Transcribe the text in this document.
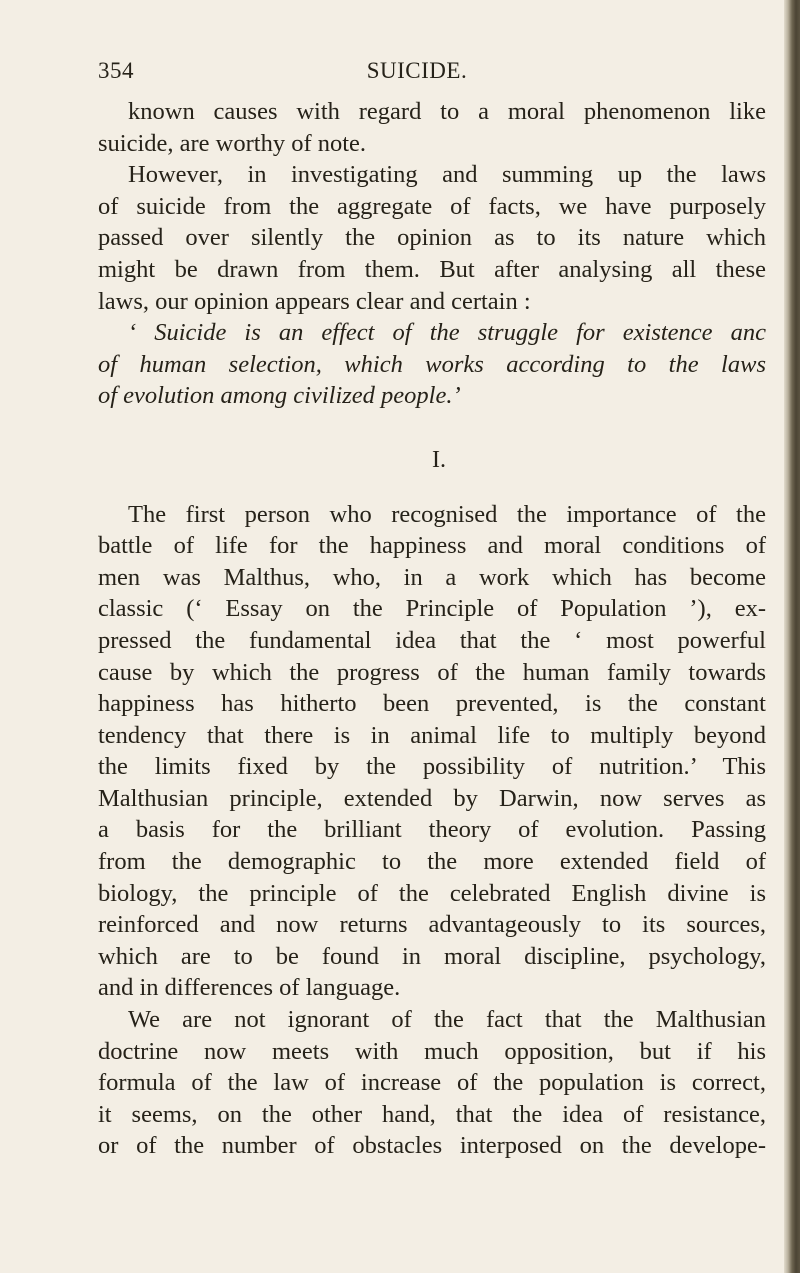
354	SUICIDE.
known causes with regard to a moral phenomenon like
suicide, are worthy of note.
However, in investigating and summing up the laws
of suicide from the aggregate of facts, we have purposely
passed over silently the opinion as to its nature which
might be drawn from them. But after analysing all these
laws, our opinion appears clear and certain :
‘ Suicide is an effect of the struggle for existence anc
of human selection, which works according to the laws
of evolution among civilized people.’
I.
The first person who recognised the importance of the
battle of life for the happiness and moral conditions of
men was Malthus, who, in a work which has become
classic (‘ Essay on the Principle of Population ’), ex-
pressed the fundamental idea that the ‘ most powerful
cause by which the progress of the human family towards
happiness has hitherto been prevented, is the constant
tendency that there is in animal life to multiply beyond
the limits fixed by the possibility of nutrition.’ This
Malthusian principle, extended by Darwin, now serves as
a basis for the brilliant theory of evolution. Passing
from the demographic to the more extended field of
biology, the principle of the celebrated English divine is
reinforced and now returns advantageously to its sources,
which are to be found in moral discipline, psychology,
and in differences of language.
We are not ignorant of the fact that the Malthusian
doctrine now meets with much opposition, but if his
formula of the law of increase of the population is correct,
it seems, on the other hand, that the idea of resistance,
or of the number of obstacles interposed on the develope-
